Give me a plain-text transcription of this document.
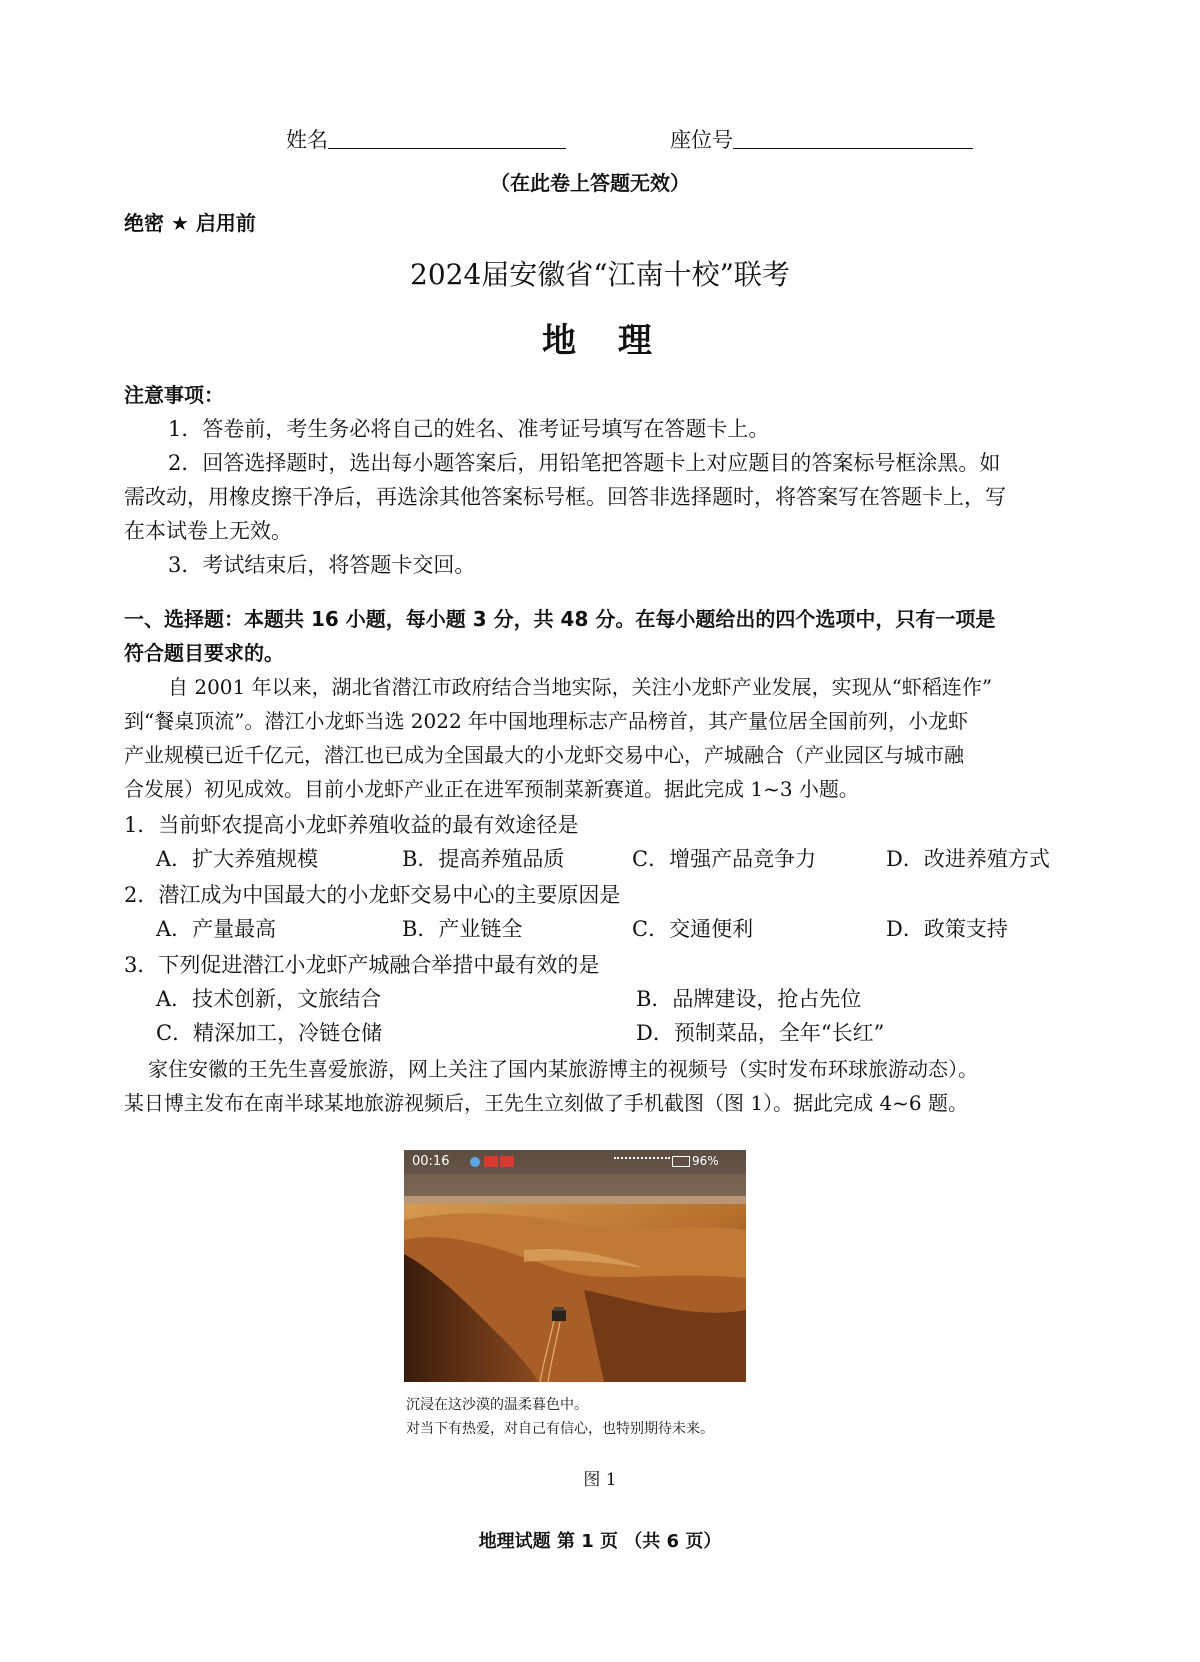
姓名	座位号
（在此卷上答题无效）
绝密 ★ 启用前
2024届安徽省“江南十校”联考
地  理
注意事项：
1．答卷前，考生务必将自己的姓名、准考证号填写在答题卡上。
2．回答选择题时，选出每小题答案后，用铅笔把答题卡上对应题目的答案标号框涂黑。如
需改动，用橡皮擦干净后，再选涂其他答案标号框。回答非选择题时，将答案写在答题卡上，写
在本试卷上无效。
3．考试结束后，将答题卡交回。
一、选择题：本题共 16 小题，每小题 3 分，共 48 分。在每小题给出的四个选项中，只有一项是
符合题目要求的。
自 2001 年以来，湖北省潜江市政府结合当地实际，关注小龙虾产业发展，实现从“虾稻连作”
到“餐桌顶流”。潜江小龙虾当选 2022 年中国地理标志产品榜首，其产量位居全国前列，小龙虾
产业规模已近千亿元，潜江也已成为全国最大的小龙虾交易中心，产城融合（产业园区与城市融
合发展）初见成效。目前小龙虾产业正在进军预制菜新赛道。据此完成 1~3 小题。
1．当前虾农提高小龙虾养殖收益的最有效途径是
A．扩大养殖规模	B．提高养殖品质	C．增强产品竞争力	D．改进养殖方式
2．潜江成为中国最大的小龙虾交易中心的主要原因是
A．产量最高	B．产业链全	C．交通便利	D．政策支持
3．下列促进潜江小龙虾产城融合举措中最有效的是
A．技术创新，文旅结合	B．品牌建设，抢占先位
C．精深加工，冷链仓储	D．预制菜品，全年“长红”
家住安徽的王先生喜爱旅游，网上关注了国内某旅游博主的视频号（实时发布环球旅游动态）。
某日博主发布在南半球某地旅游视频后，王先生立刻做了手机截图（图 1）。据此完成 4~6 题。
00:16	96%
沉浸在这沙漠的温柔暮色中。
对当下有热爱，对自己有信心，也特别期待未来。
图 1
地理试题 第 1 页 （共 6 页）
